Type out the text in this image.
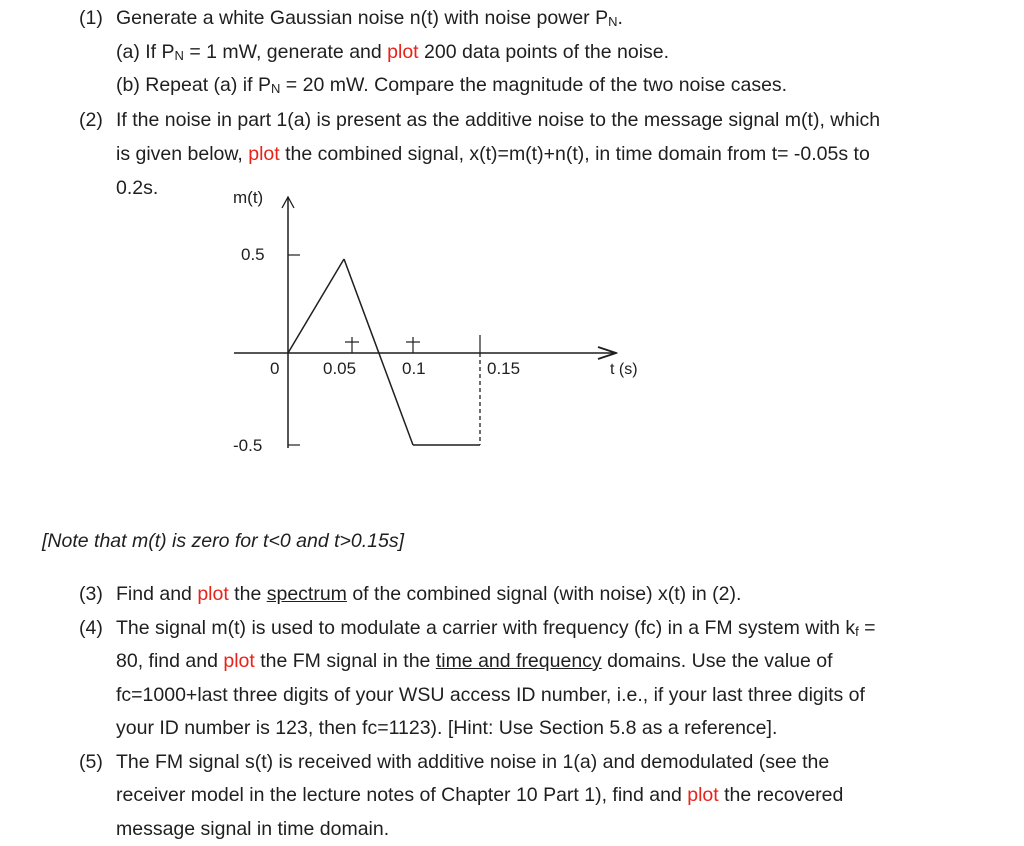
(1) Generate a white Gaussian noise n(t) with noise power $P_N$.
(a) If $P_N = 1$ mW, generate and plot 200 data points of the noise.
(b) Repeat (a) if $P_N = 20$ mW. Compare the magnitude of the two noise cases.
(2) If the noise in part 1(a) is present as the additive noise to the message signal m(t), which
is given below, plot the combined signal, x(t)=m(t)+n(t), in time domain from t= -0.05s to
0.2s.	m(t)
t (s)
0.5
0
-0.5
0.05	0.1	0.15
[Note that m(t) is zero for t<0 and t>0.15s]
(3) Find and plot the spectrum of the combined signal (with noise) x(t) in (2).
(4) The signal m(t) is used to modulate a carrier with frequency (fc) in a FM system with $k_f$ =
80, find and plot the FM signal in the time and frequency domains. Use the value of
fc=1000+last three digits of your WSU access ID number, i.e., if your last three digits of
your ID number is 123, then fc=1123). [Hint: Use Section 5.8 as a reference].
(5) The FM signal s(t) is received with additive noise in 1(a) and demodulated (see the
receiver model in the lecture notes of Chapter 10 Part 1), find and plot the recovered
message signal in time domain.
